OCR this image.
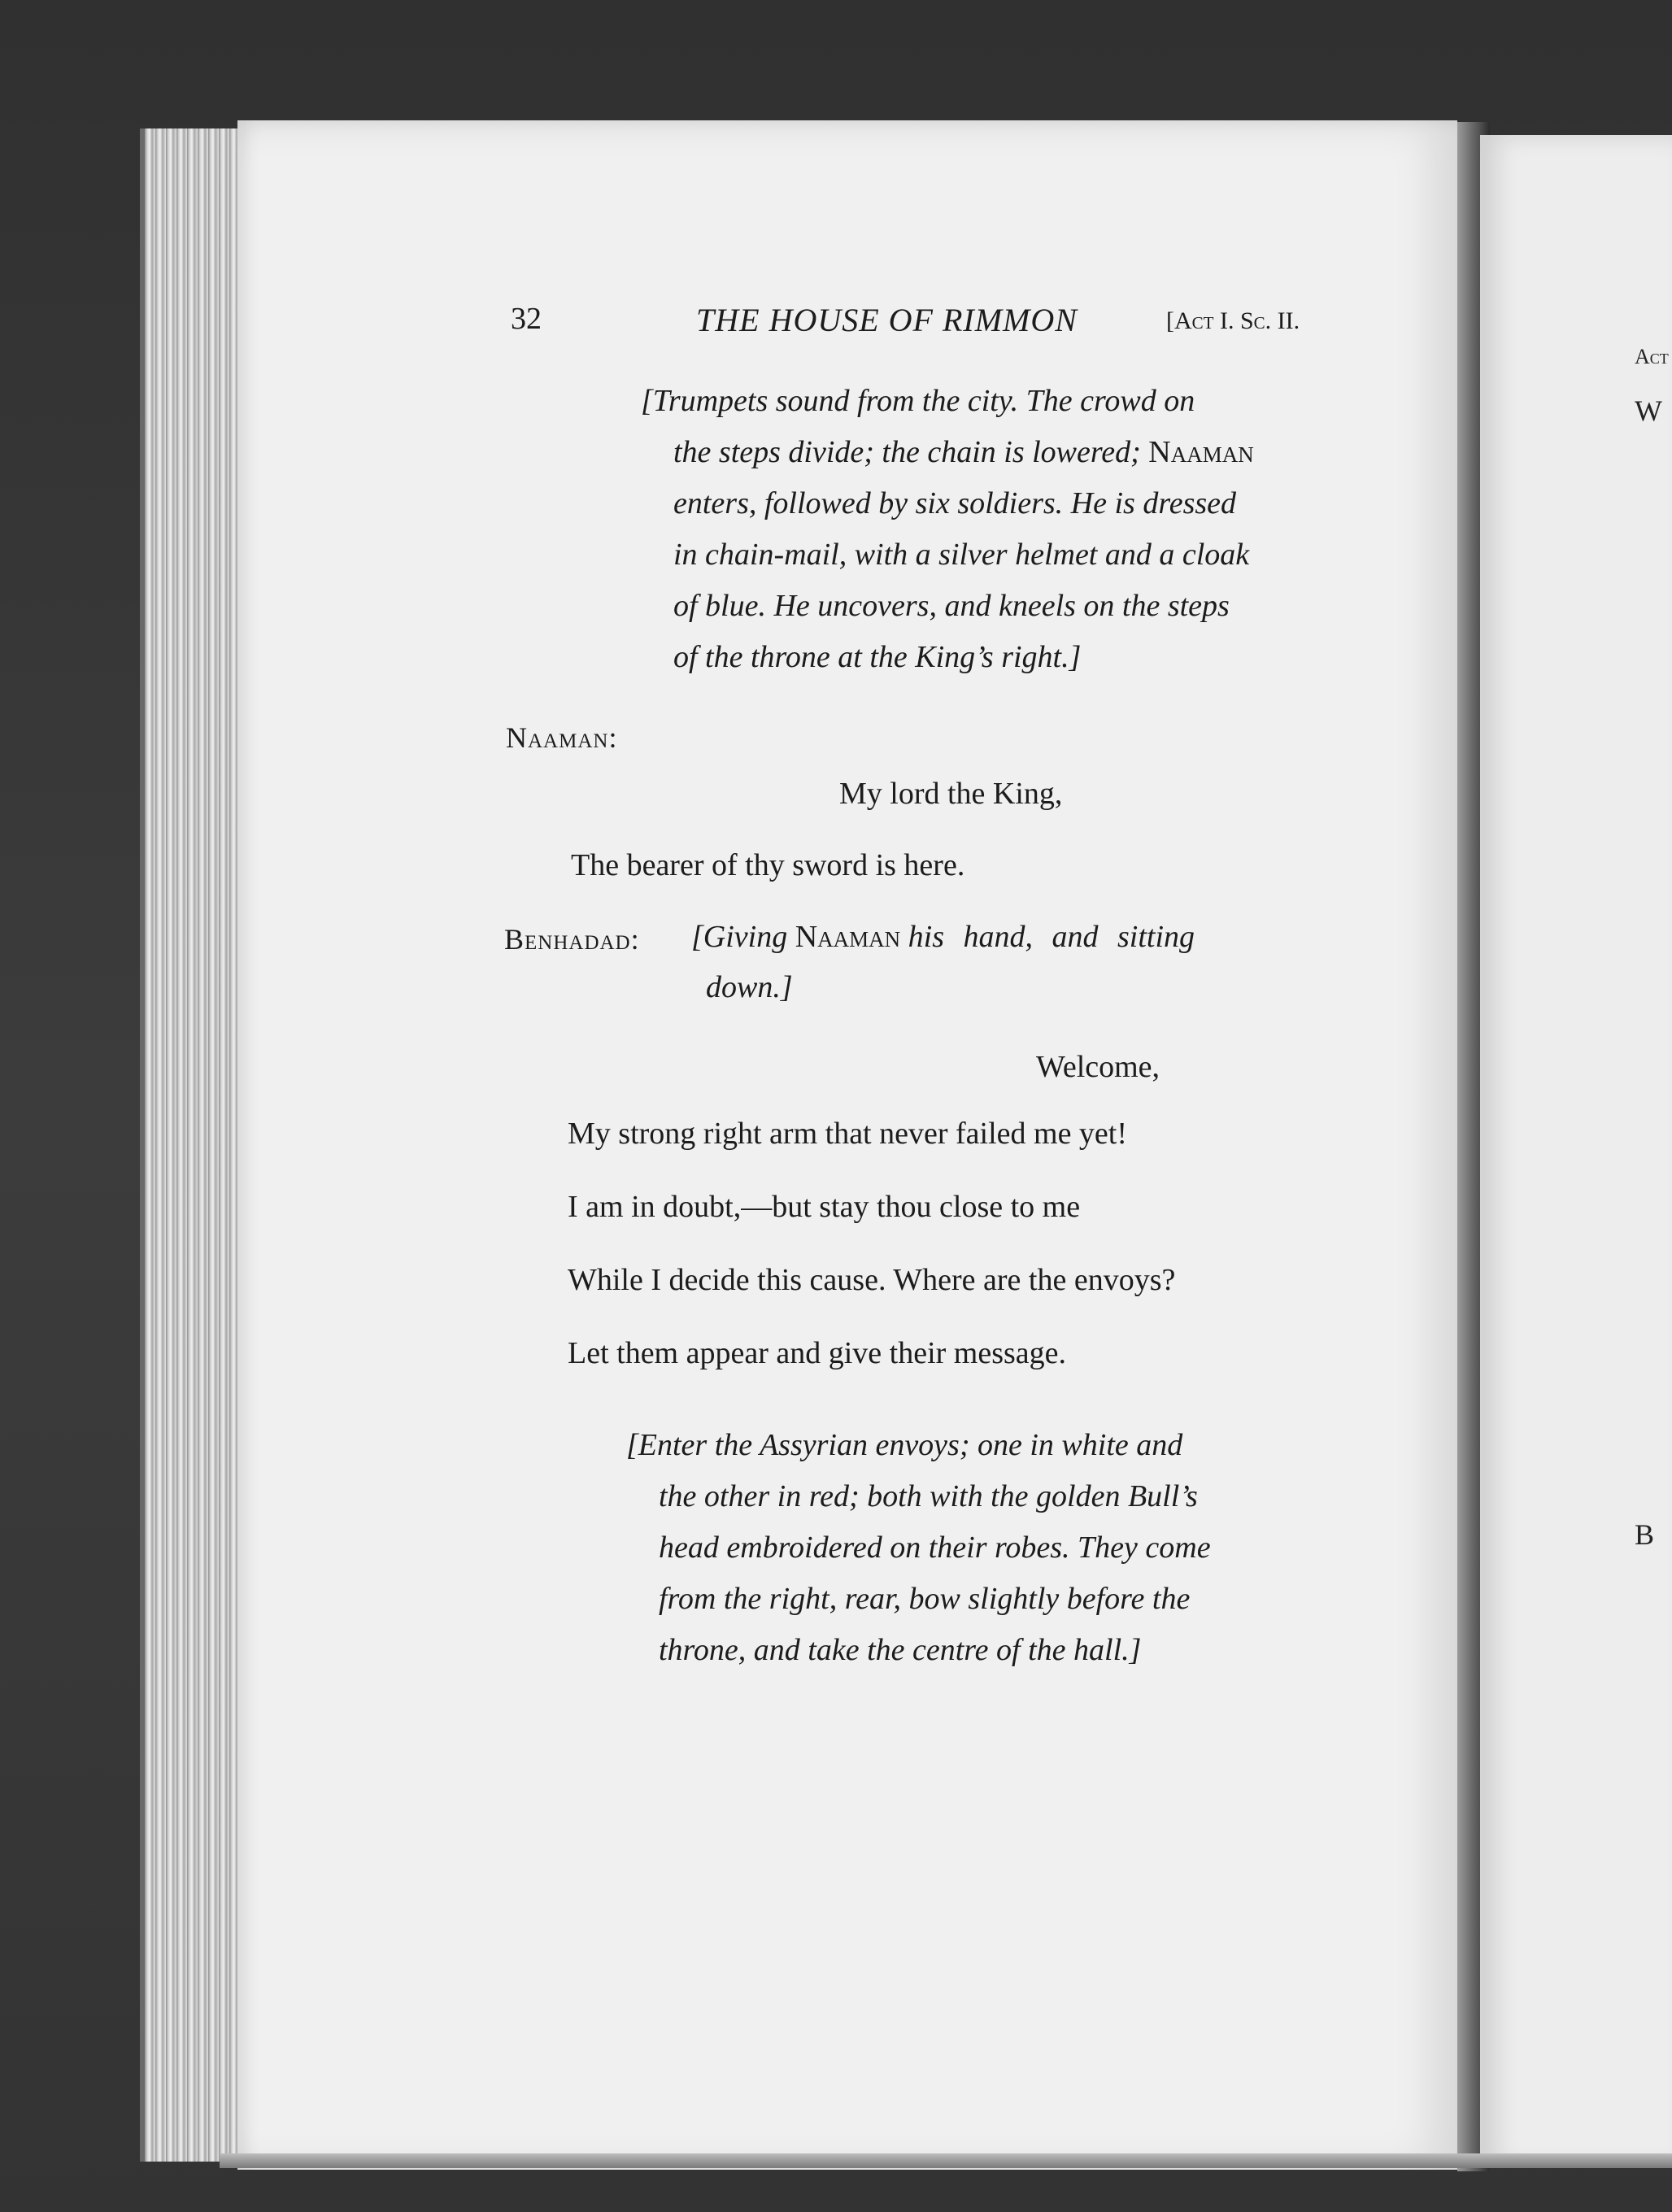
Act
W
B
32	THE HOUSE OF RIMMON	[Act I. Sc. II.
[Trumpets sound from the city. The crowd on
the steps divide; the chain is lowered; Naaman
enters, followed by six soldiers. He is dressed
in chain-mail, with a silver helmet and a cloak
of blue. He uncovers, and kneels on the steps
of the throne at the King’s right.]
Naaman:
My lord the King,
The bearer of thy sword is here.
Benhadad: [Giving Naaman his hand, and sitting
down.]
Welcome,
My strong right arm that never failed me yet!
I am in doubt,—but stay thou close to me
While I decide this cause. Where are the envoys?
Let them appear and give their message.
[Enter the Assyrian envoys; one in white and
the other in red; both with the golden Bull’s
head embroidered on their robes. They come
from the right, rear, bow slightly before the
throne, and take the centre of the hall.]
